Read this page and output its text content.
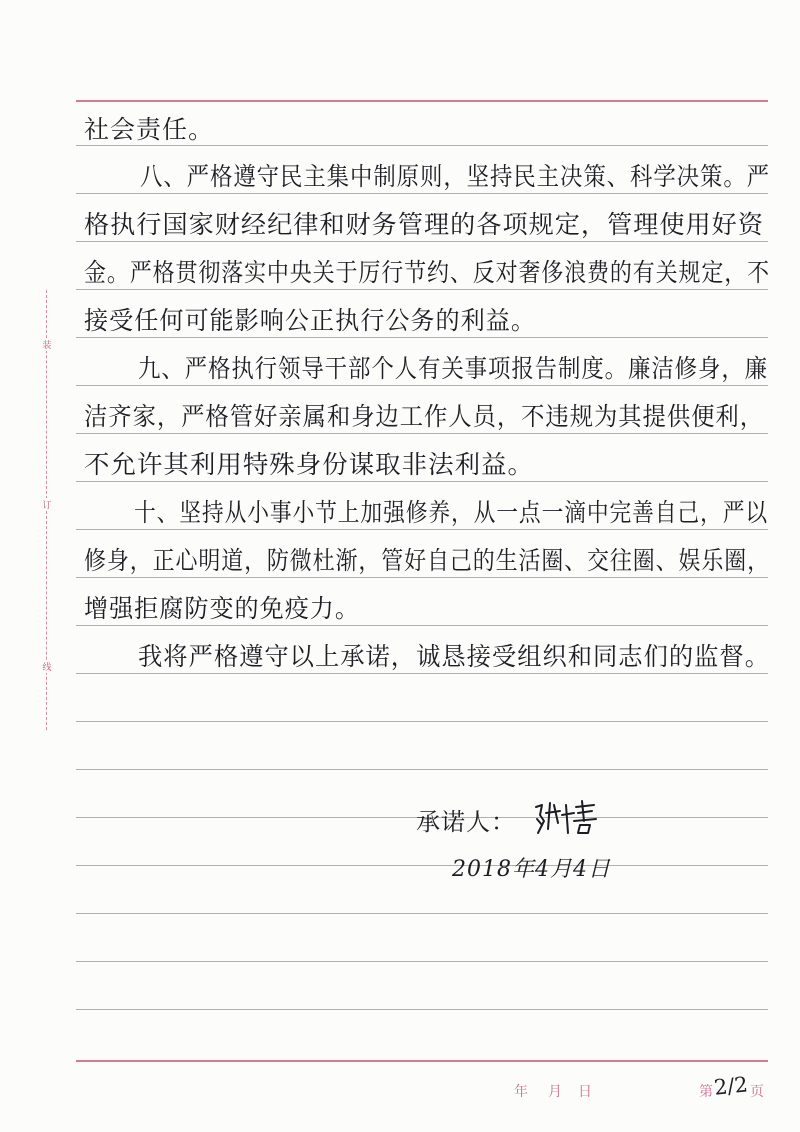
装
订
线
社会责任。
八、严格遵守民主集中制原则，坚持民主决策、科学决策。严
格执行国家财经纪律和财务管理的各项规定，管理使用好资
金。严格贯彻落实中央关于厉行节约、反对奢侈浪费的有关规定，不
接受任何可能影响公正执行公务的利益。
九、严格执行领导干部个人有关事项报告制度。廉洁修身，廉
洁齐家，严格管好亲属和身边工作人员，不违规为其提供便利，
不允许其利用特殊身份谋取非法利益。
十、坚持从小事小节上加强修养，从一点一滴中完善自己，严以
修身，正心明道，防微杜渐，管好自己的生活圈、交往圈、娱乐圈，
增强拒腐防变的免疫力。
我将严格遵守以上承诺，诚恳接受组织和同志们的监督。
承诺人：
2018年4月4日
年 月 日	第
2/2 页
